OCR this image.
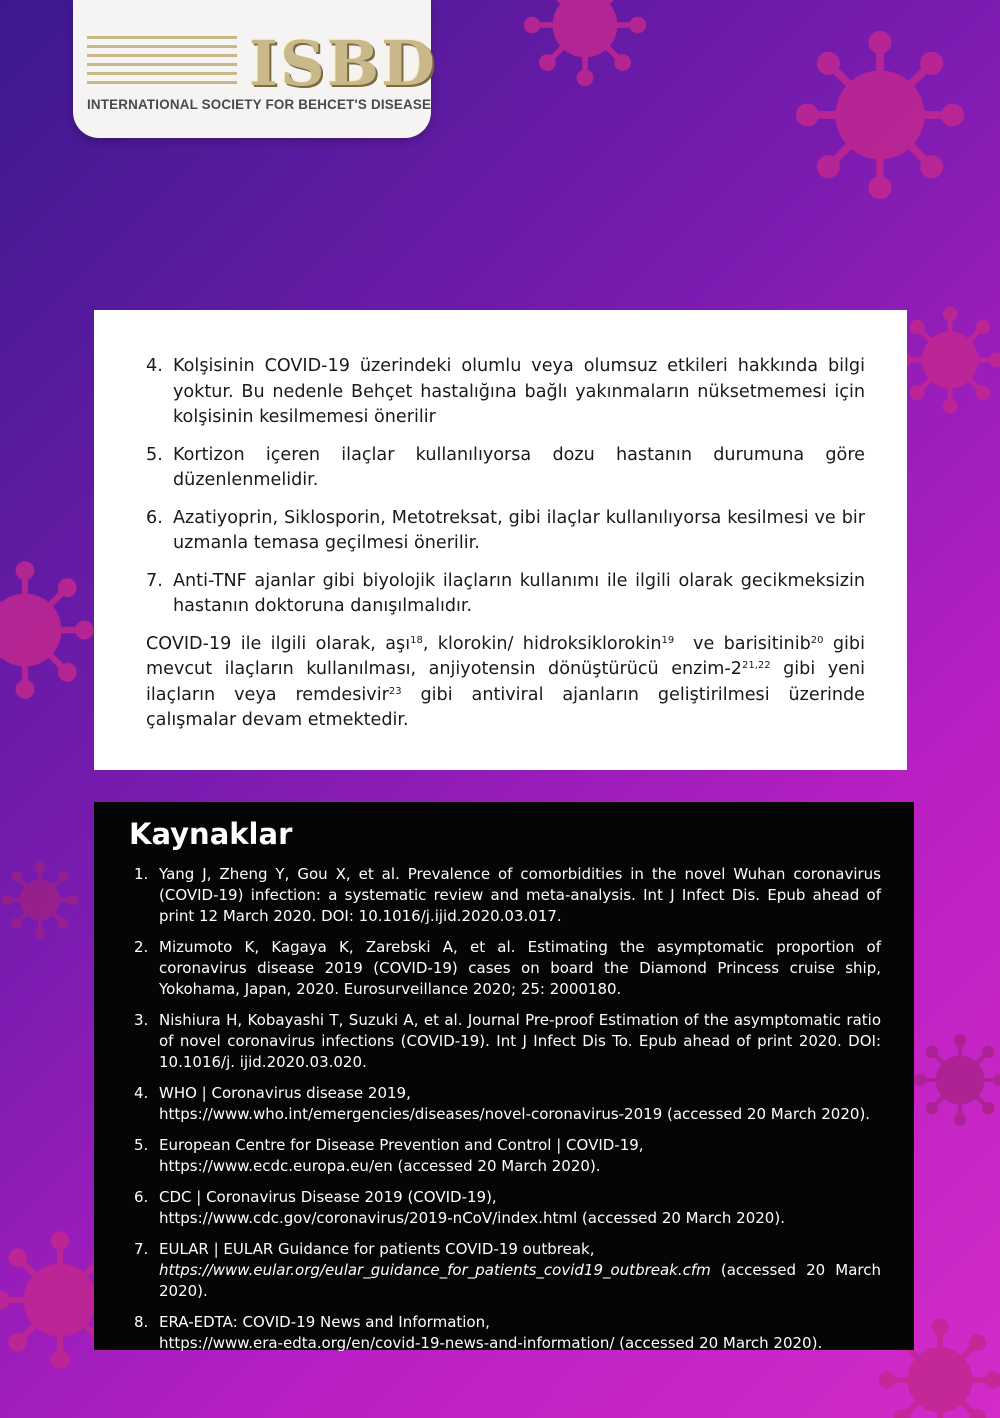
ISBD
INTERNATIONAL SOCIETY FOR BEHCET'S DISEASE
4. Kolşisinin COVID-19 üzerindeki olumlu veya olumsuz etkileri hakkında bilgi yoktur. Bu nedenle Behçet hastalığına bağlı yakınmaların nüksetmemesi için kolşisinin kesilmemesi önerilir
5. Kortizon içeren ilaçlar kullanılıyorsa dozu hastanın durumuna göre düzenlenmelidir.
6. Azatiyoprin, Siklosporin, Metotreksat, gibi ilaçlar kullanılıyorsa kesilmesi ve bir uzmanla temasa geçilmesi önerilir.
7. Anti-TNF ajanlar gibi biyolojik ilaçların kullanımı ile ilgili olarak gecikmeksizin hastanın doktoruna danışılmalıdır.
COVID-19 ile ilgili olarak, aşı$^{18}$, klorokin/ hidroksiklorokin$^{19}$  ve barisitinib$^{20}$ gibi mevcut ilaçların kullanılması, anjiyotensin dönüştürücü enzim-2$^{21,22}$ gibi yeni ilaçların veya remdesivir$^{23}$ gibi antiviral ajanların geliştirilmesi üzerinde çalışmalar devam etmektedir.
Kaynaklar
1. Yang J, Zheng Y, Gou X, et al. Prevalence of comorbidities in the novel Wuhan coronavirus (COVID-19) infection: a systematic review and meta-analysis. Int J Infect Dis. Epub ahead of print 12 March 2020. DOI: 10.1016/j.ijid.2020.03.017.
2. Mizumoto K, Kagaya K, Zarebski A, et al. Estimating the asymptomatic proportion of coronavirus disease 2019 (COVID-19) cases on board the Diamond Princess cruise ship, Yokohama, Japan, 2020. Eurosurveillance 2020; 25: 2000180.
3. Nishiura H, Kobayashi T, Suzuki A, et al. Journal Pre-proof Estimation of the asymptomatic ratio of novel coronavirus infections (COVID-19). Int J Infect Dis To. Epub ahead of print 2020. DOI: 10.1016/j. ijid.2020.03.020.
4. WHO | Coronavirus disease 2019,
https://www.who.int/emergencies/diseases/novel-coronavirus-2019 (accessed 20 March 2020).
5. European Centre for Disease Prevention and Control | COVID-19,
https://www.ecdc.europa.eu/en (accessed 20 March 2020).
6. CDC | Coronavirus Disease 2019 (COVID-19),
https://www.cdc.gov/coronavirus/2019-nCoV/index.html (accessed 20 March 2020).
7. EULAR | EULAR Guidance for patients COVID-19 outbreak,
https://www.eular.org/eular_guidance_for_patients_covid19_outbreak.cfm (accessed 20 March 2020).
8. ERA-EDTA: COVID-19 News and Information,
https://www.era-edta.org/en/covid-19-news-and-information/ (accessed 20 March 2020).
